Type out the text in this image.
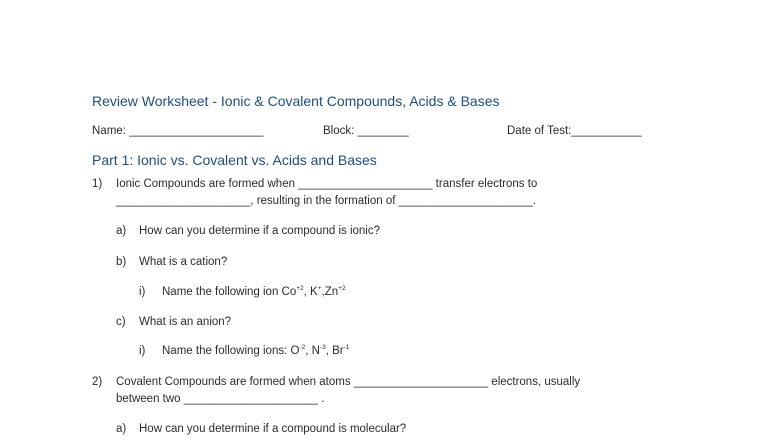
Review Worksheet - Ionic & Covalent Compounds, Acids & Bases
Name: _____________________	Block: ________	Date of Test:___________
Part 1: Ionic vs. Covalent vs. Acids and Bases
1) Ionic Compounds are formed when _____________________ transfer electrons to
_____________________, resulting in the formation of _____________________.
a) How can you determine if a compound is ionic?
b) What is a cation?
i) Name the following ion $Co^{+2}$, $K^+,Zn^{+2}$
c) What is an anion?
i) Name the following ions: $O^{-2}$, $N^{-3}$, $Br^{-1}$
2) Covalent Compounds are formed when atoms _____________________ electrons, usually
between two _____________________ .
a) How can you determine if a compound is molecular?
